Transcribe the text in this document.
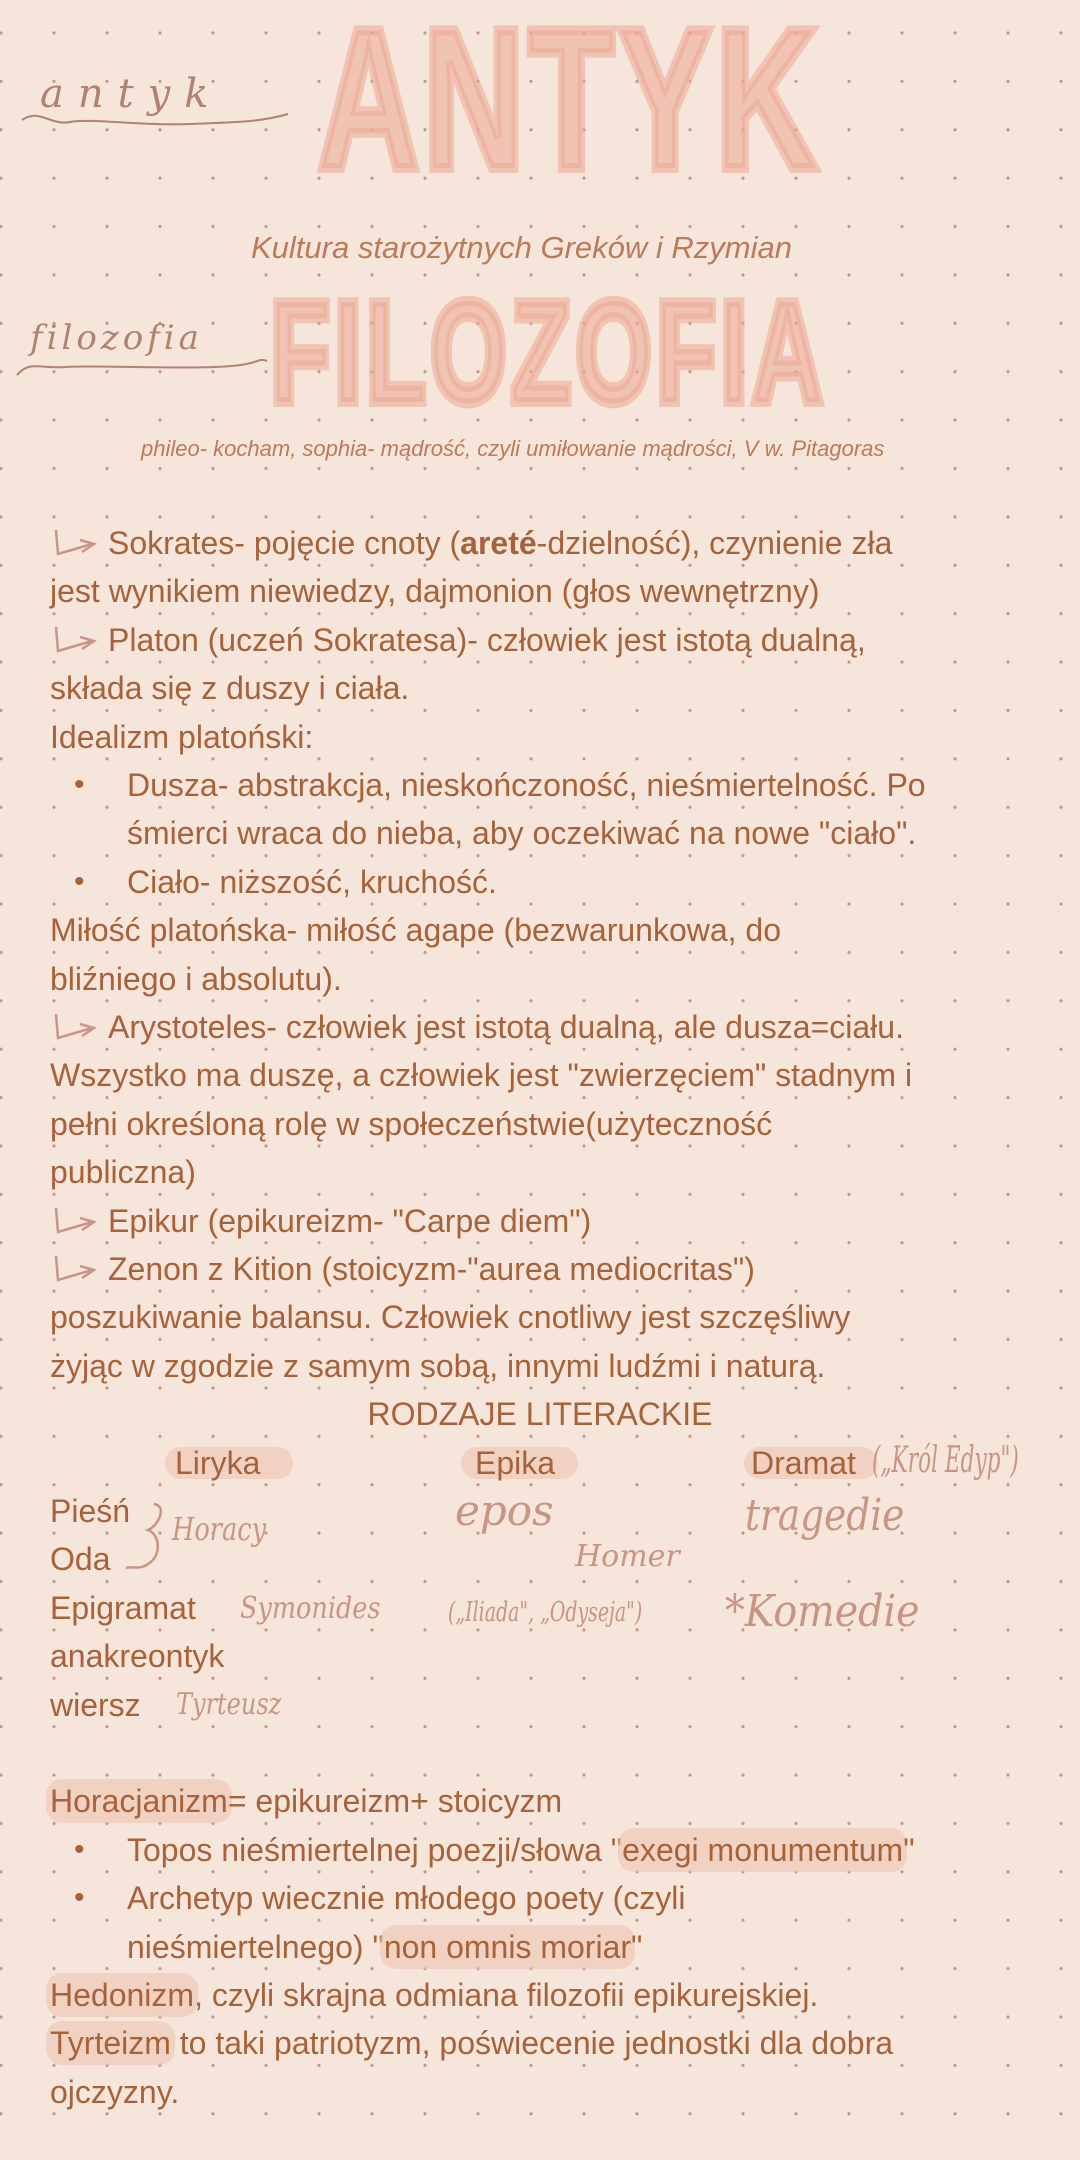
ANTYK
antyk
Kultura starożytnych Greków i Rzymian
FILOZOFIA
filozofia
phileo- kocham, sophia- mądrość, czyli umiłowanie mądrości, V w. Pitagoras
Sokrates- pojęcie cnoty (areté-dzielność), czynienie zła
jest wynikiem niewiedzy, dajmonion (głos wewnętrzny)
Platon (uczeń Sokratesa)- człowiek jest istotą dualną,
składa się z duszy i ciała.
Idealizm platoński:
• Dusza- abstrakcja, nieskończoność, nieśmiertelność. Po
śmierci wraca do nieba, aby oczekiwać na nowe "ciało".
• Ciało- niższość, kruchość.
Miłość platońska- miłość agape (bezwarunkowa, do
bliźniego i absolutu).
Arystoteles- człowiek jest istotą dualną, ale dusza=ciału.
Wszystko ma duszę, a człowiek jest "zwierzęciem" stadnym i
pełni określoną rolę w społeczeństwie(użyteczność
publiczna)
Epikur (epikureizm- "Carpe diem")
Zenon z Kition (stoicyzm-"aurea mediocritas")
poszukiwanie balansu. Człowiek cnotliwy jest szczęśliwy
żyjąc w zgodzie z samym sobą, innymi ludźmi i naturą.
RODZAJE LITERACKIE
Liryka	Epika	Dramat
Pieśń
Oda
Epigramat
anakreontyk
wiersz
Horacy
Symonides
Tyrteusz
epos
Homer
(„Iliada", „Odyseja")
(„Król Edyp")
tragedie
*Komedie
Horacjanizm= epikureizm+ stoicyzm
• Topos nieśmiertelnej poezji/słowa "exegi monumentum"
• Archetyp wiecznie młodego poety (czyli
nieśmiertelnego) "non omnis moriar"
Hedonizm, czyli skrajna odmiana filozofii epikurejskiej.
Tyrteizm to taki patriotyzm, poświecenie jednostki dla dobra
ojczyzny.
